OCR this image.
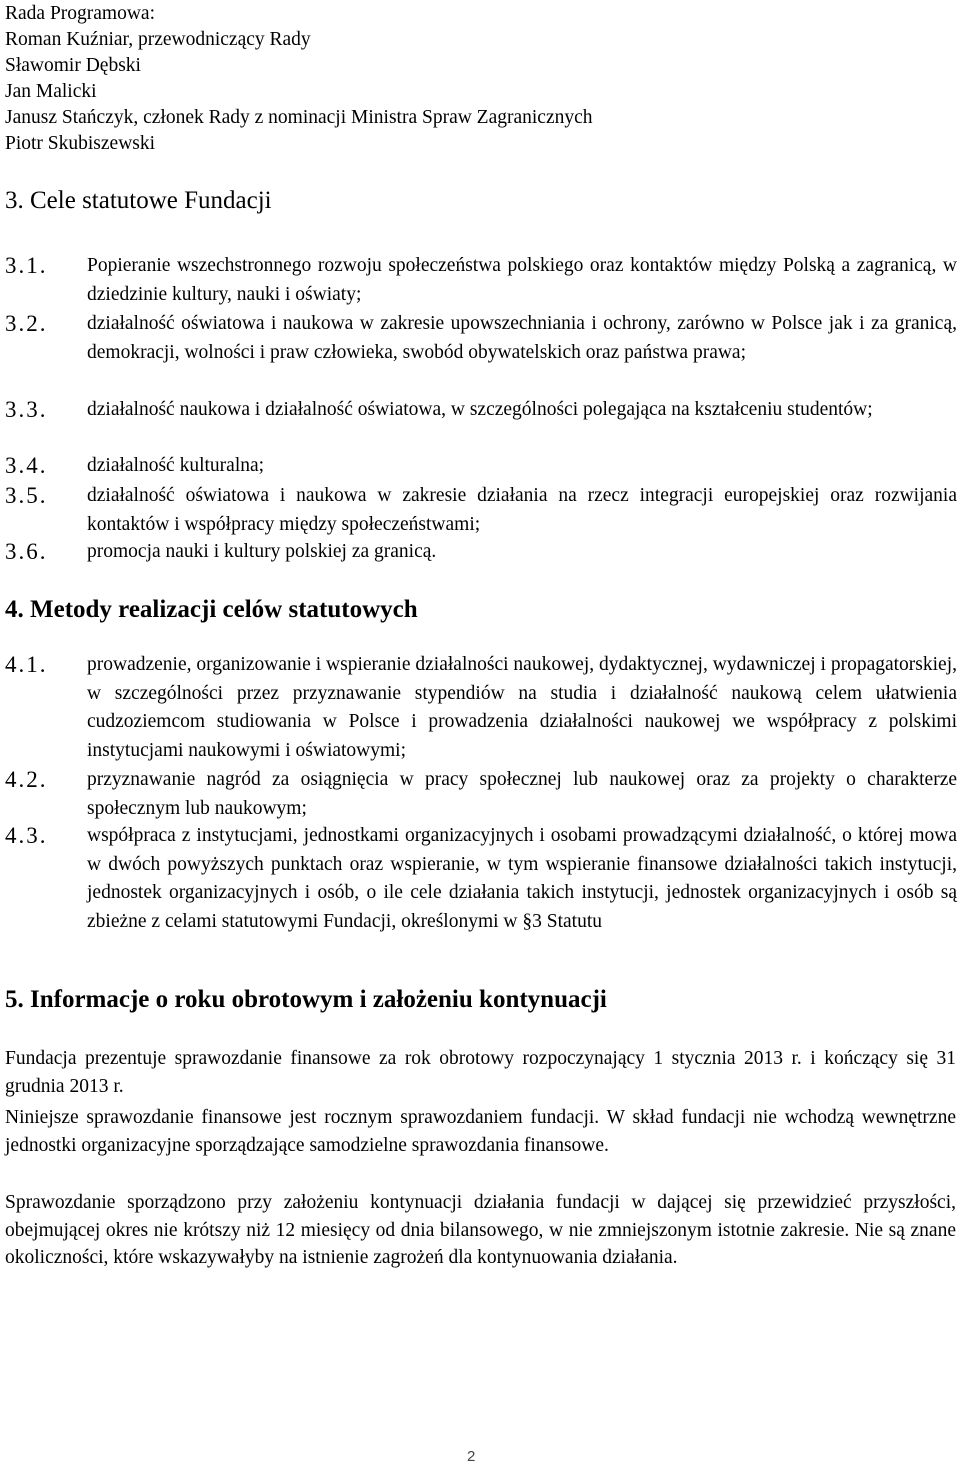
Rada Programowa:
Roman Kuźniar, przewodniczący Rady
Sławomir Dębski
Jan Malicki
Janusz Stańczyk, członek Rady z nominacji Ministra Spraw Zagranicznych
Piotr Skubiszewski
3. Cele statutowe Fundacji
3.1.	Popieranie wszechstronnego rozwoju społeczeństwa polskiego oraz kontaktów między Polską a zagranicą, w dziedzinie kultury, nauki i oświaty;
3.2.	działalność oświatowa i naukowa w zakresie upowszechniania i ochrony, zarówno w Polsce jak i za granicą, demokracji, wolności i praw człowieka, swobód obywatelskich oraz państwa prawa;
3.3.	działalność naukowa i działalność oświatowa, w szczególności polegająca na kształceniu studentów;
3.4.	działalność kulturalna;
3.5.	działalność oświatowa i naukowa w zakresie działania na rzecz integracji europejskiej oraz rozwijania kontaktów i współpracy między społeczeństwami;
3.6.	promocja nauki i kultury polskiej za granicą.
4. Metody realizacji celów statutowych
4.1.	prowadzenie, organizowanie i wspieranie działalności naukowej, dydaktycznej, wydawniczej i propagatorskiej, w szczególności przez przyznawanie stypendiów na studia i działalność naukową celem ułatwienia cudzoziemcom studiowania w Polsce i prowadzenia działalności naukowej we współpracy z polskimi instytucjami naukowymi i oświatowymi;
4.2.	przyznawanie nagród za osiągnięcia w pracy społecznej lub naukowej oraz za projekty o charakterze społecznym lub naukowym;
4.3.	współpraca z instytucjami, jednostkami organizacyjnych i osobami prowadzącymi działalność, o której mowa w dwóch powyższych punktach oraz wspieranie, w tym wspieranie finansowe działalności takich instytucji, jednostek organizacyjnych i osób, o ile cele działania takich instytucji, jednostek organizacyjnych i osób są zbieżne z celami statutowymi Fundacji, określonymi w §3 Statutu
5. Informacje o roku obrotowym i założeniu kontynuacji
Fundacja prezentuje sprawozdanie finansowe za rok obrotowy rozpoczynający 1 stycznia 2013 r. i kończący się 31 grudnia 2013 r.
Niniejsze sprawozdanie finansowe jest rocznym sprawozdaniem fundacji. W skład fundacji nie wchodzą wewnętrzne jednostki organizacyjne sporządzające samodzielne sprawozdania finansowe.
Sprawozdanie sporządzono przy założeniu kontynuacji działania fundacji w dającej się przewidzieć przyszłości, obejmującej okres nie krótszy niż 12 miesięcy od dnia bilansowego, w nie zmniejszonym istotnie zakresie. Nie są znane okoliczności, które wskazywałyby na istnienie zagrożeń dla kontynuowania działania.
2
